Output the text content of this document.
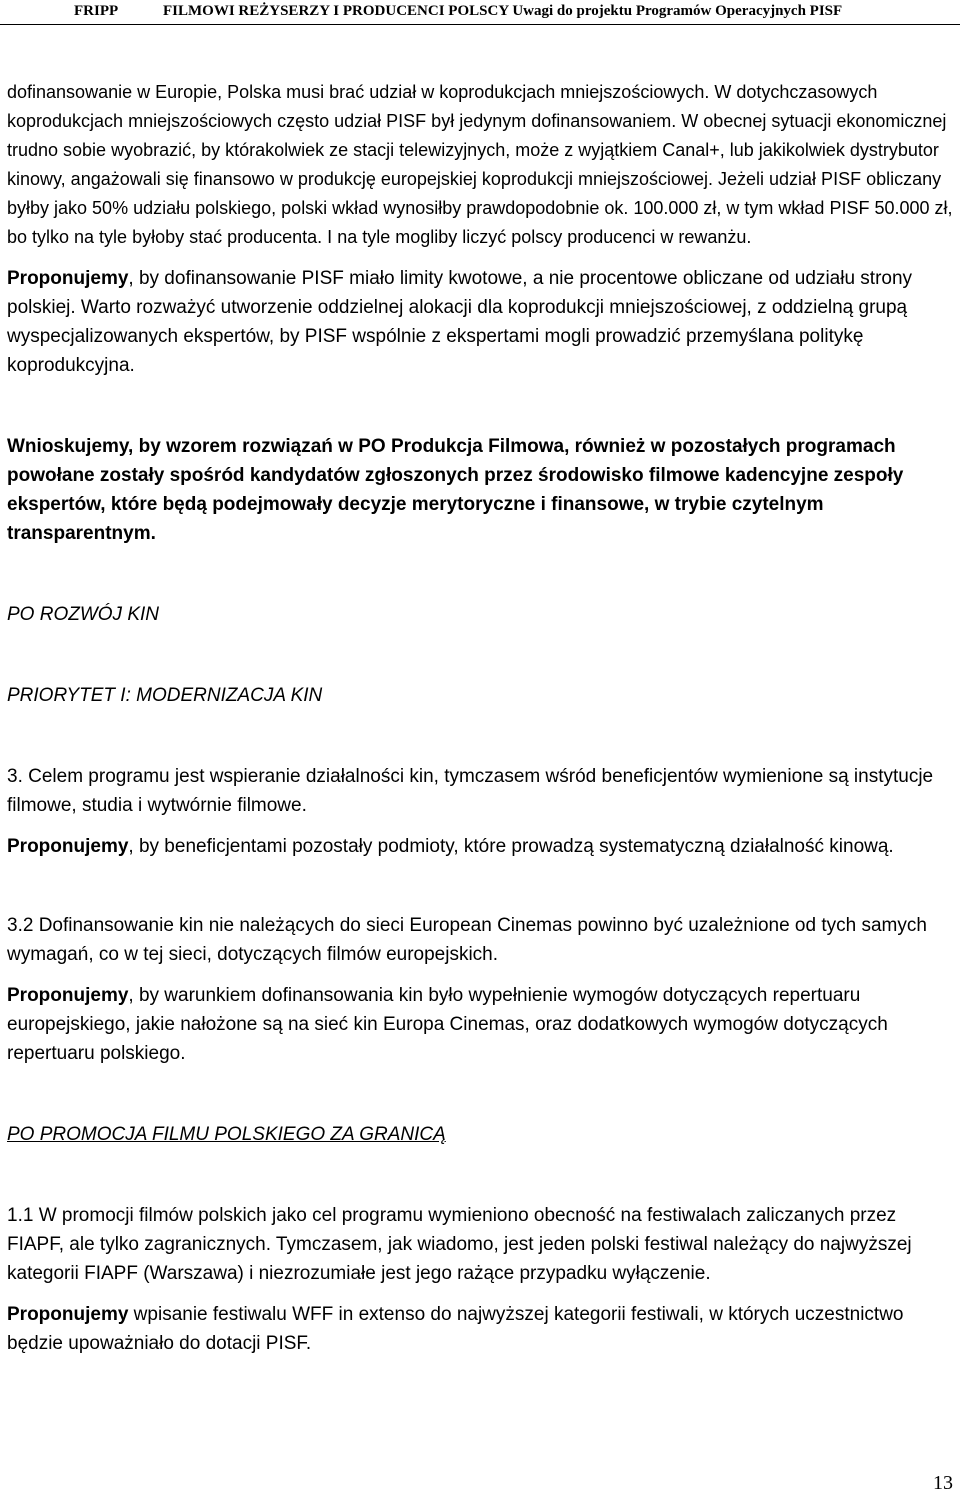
FRIPP	FILMOWI REŻYSERZY I PRODUCENCI POLSCY Uwagi do projektu Programów Operacyjnych PISF

dofinansowanie w Europie, Polska musi brać udział w koprodukcjach mniejszościowych. W dotychczasowych koprodukcjach mniejszościowych często udział PISF był jedynym dofinansowaniem. W obecnej sytuacji ekonomicznej trudno sobie wyobrazić, by którakolwiek ze stacji telewizyjnych, może z wyjątkiem Canal+, lub jakikolwiek dystrybutor kinowy, angażowali się finansowo w produkcję europejskiej koprodukcji mniejszościowej. Jeżeli udział PISF obliczany byłby jako 50% udziału polskiego, polski wkład wynosiłby prawdopodobnie ok. 100.000 zł, w tym wkład PISF 50.000 zł, bo tylko na tyle byłoby stać producenta. I na tyle mogliby liczyć polscy producenci w rewanżu.

Proponujemy, by dofinansowanie PISF miało limity kwotowe, a nie procentowe obliczane od udziału strony polskiej. Warto rozważyć utworzenie oddzielnej alokacji dla koprodukcji mniejszościowej, z oddzielną grupą wyspecjalizowanych ekspertów, by PISF wspólnie z ekspertami mogli prowadzić przemyślana politykę koprodukcyjna.

Wnioskujemy, by wzorem rozwiązań w PO Produkcja Filmowa, również w pozostałych programach powołane zostały spośród kandydatów zgłoszonych przez środowisko filmowe kadencyjne zespoły ekspertów, które będą podejmowały decyzje merytoryczne i finansowe, w trybie czytelnym transparentnym.

PO ROZWÓJ KIN

PRIORYTET I: MODERNIZACJA KIN

3. Celem programu jest wspieranie działalności kin, tymczasem wśród beneficjentów wymienione są instytucje filmowe, studia i wytwórnie filmowe.

Proponujemy, by beneficjentami pozostały podmioty, które prowadzą systematyczną działalność kinową.

3.2 Dofinansowanie kin nie należących do sieci European Cinemas powinno być uzależnione od tych samych wymagań, co w tej sieci, dotyczących filmów europejskich.

Proponujemy, by warunkiem dofinansowania kin było wypełnienie wymogów dotyczących repertuaru europejskiego, jakie nałożone są na sieć kin Europa Cinemas, oraz dodatkowych wymogów dotyczących repertuaru polskiego.

PO PROMOCJA FILMU POLSKIEGO ZA GRANICĄ

1.1 W promocji filmów polskich jako cel programu wymieniono obecność na festiwalach zaliczanych przez FIAPF, ale tylko zagranicznych. Tymczasem, jak wiadomo, jest jeden polski festiwal należący do najwyższej kategorii FIAPF (Warszawa) i niezrozumiałe jest jego rażące przypadku wyłączenie.

Proponujemy wpisanie festiwalu WFF in extenso do najwyższej kategorii festiwali, w których uczestnictwo będzie upoważniało do dotacji PISF.

13
